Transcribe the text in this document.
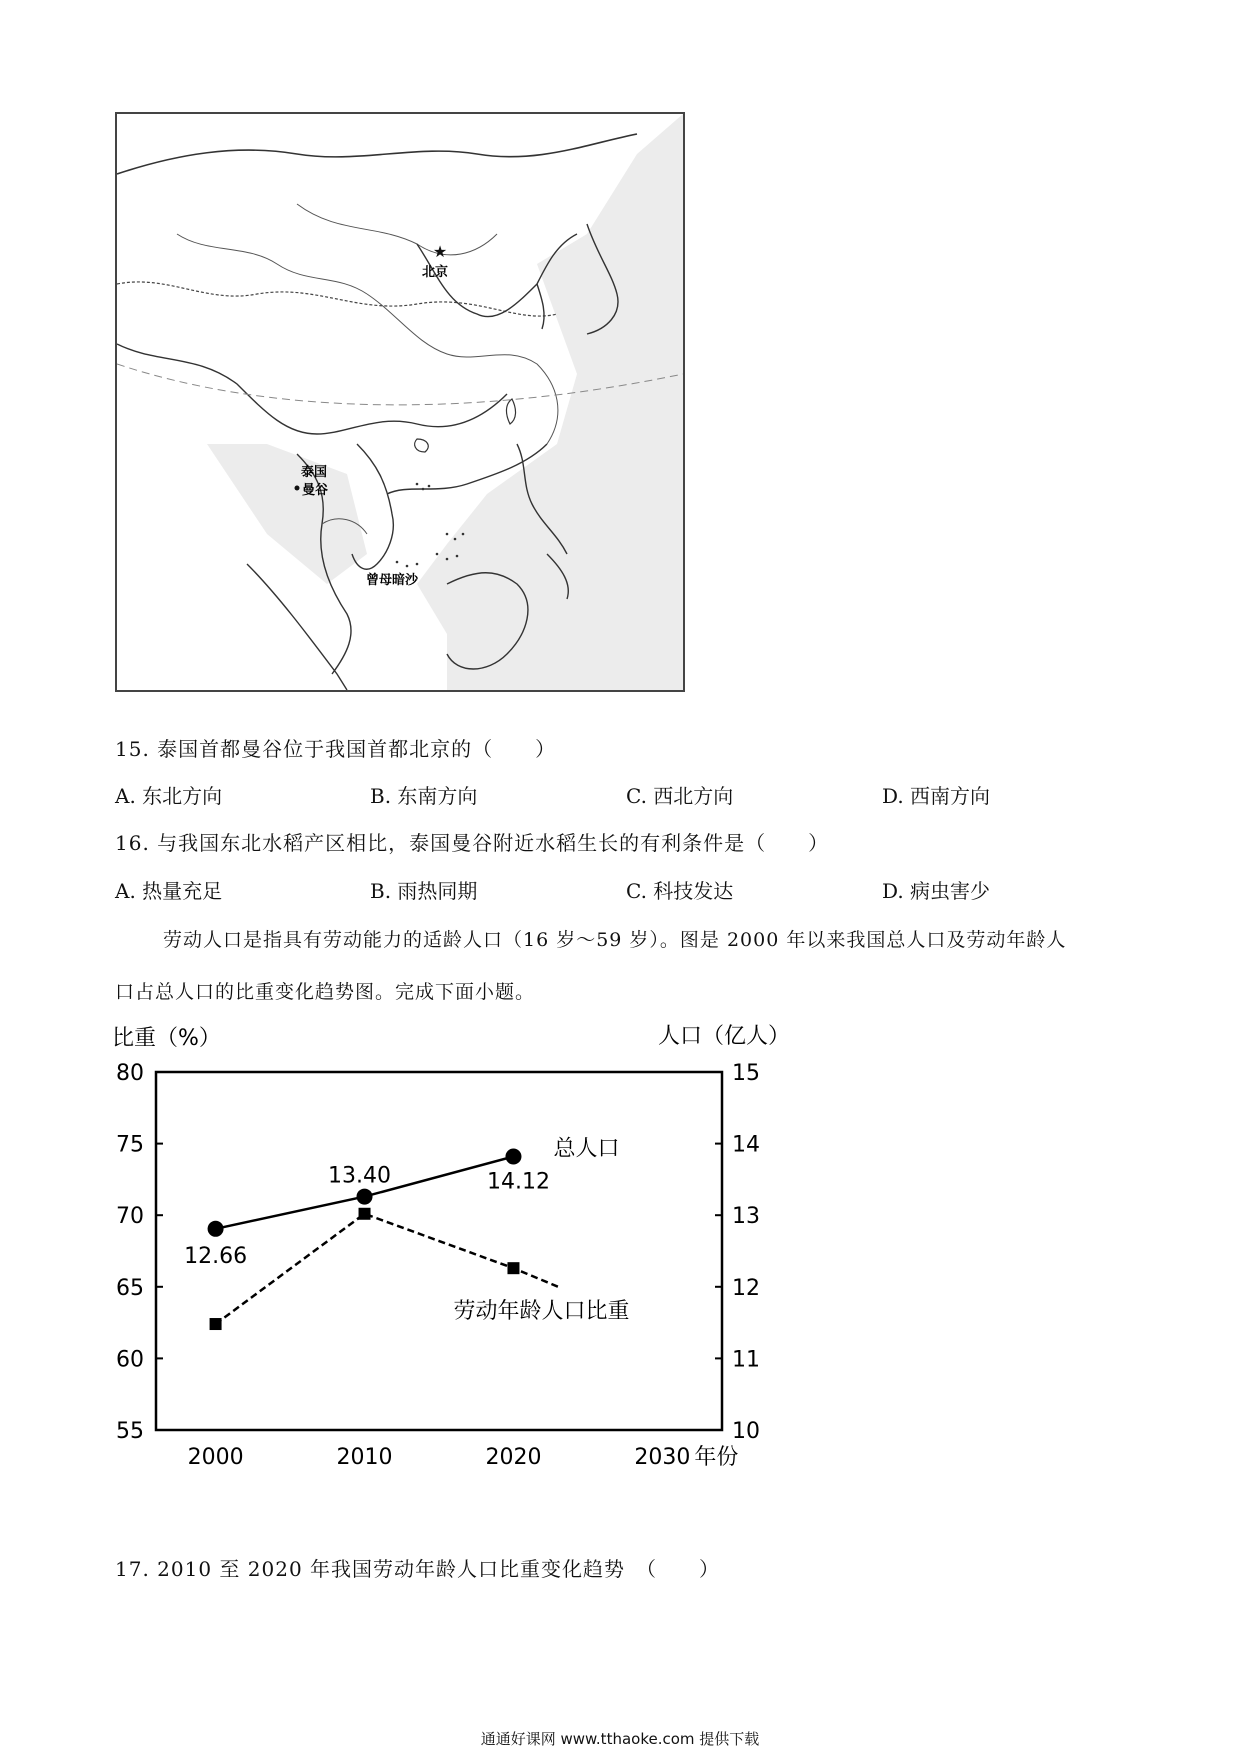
★
北京
泰国
曼谷
曾母暗沙
15. 泰国首都曼谷位于我国首都北京的（　　）
A. 东北方向	B. 东南方向	C. 西北方向	D. 西南方向
16. 与我国东北水稻产区相比，泰国曼谷附近水稻生长的有利条件是（　　）
A. 热量充足	B. 雨热同期	C. 科技发达	D. 病虫害少
劳动人口是指具有劳动能力的适龄人口（16 岁～59 岁）。图是 2000 年以来我国总人口及劳动年龄人
口占总人口的比重变化趋势图。完成下面小题。
比重（%）	人口（亿人）
55
60
65
70
75
80
10
11
12
13
14
15
2000	2010	2020	2030 年份
12.66
13.40	14.12
总人口
劳动年龄人口比重
17. 2010 至 2020 年我国劳动年龄人口比重变化趋势　（　　）
通通好课网 www.tthaoke.com 提供下载
